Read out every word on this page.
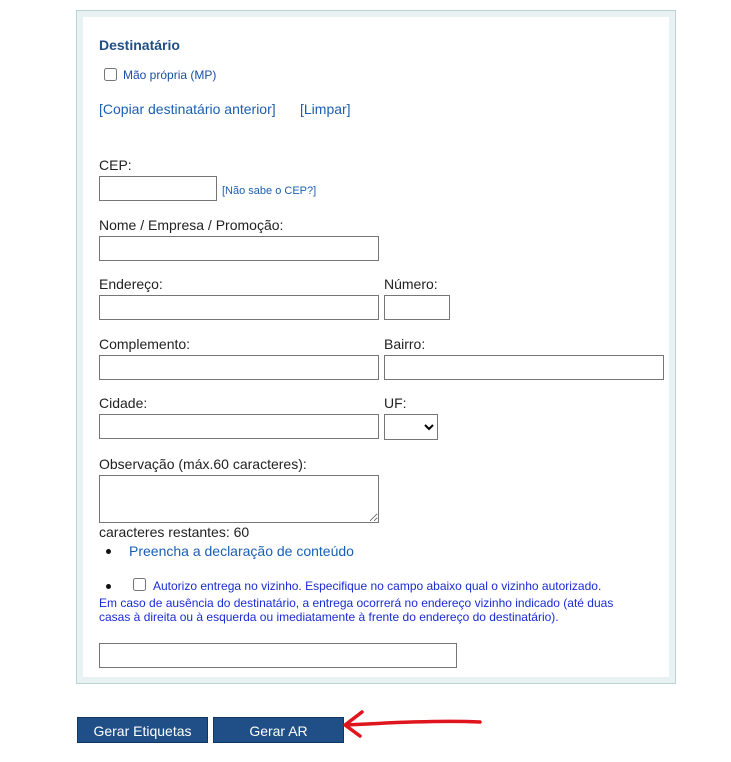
Destinatário
Mão própria (MP)
[Copiar destinatário anterior] [Limpar]
CEP:
[Não sabe o CEP?]
Nome / Empresa / Promoção:
Endereço:	Número:
Complemento:	Bairro:
Cidade:	UF:
Observação (máx.60 caracteres):
caracteres restantes: 60
Preencha a declaração de conteúdo
Autorizo entrega no vizinho. Especifique no campo abaixo qual o vizinho autorizado.
Em caso de ausência do destinatário, a entrega ocorrerá no endereço vizinho indicado (até duas
casas à direita ou à esquerda ou imediatamente à frente do endereço do destinatário).
Gerar Etiquetas	Gerar AR
